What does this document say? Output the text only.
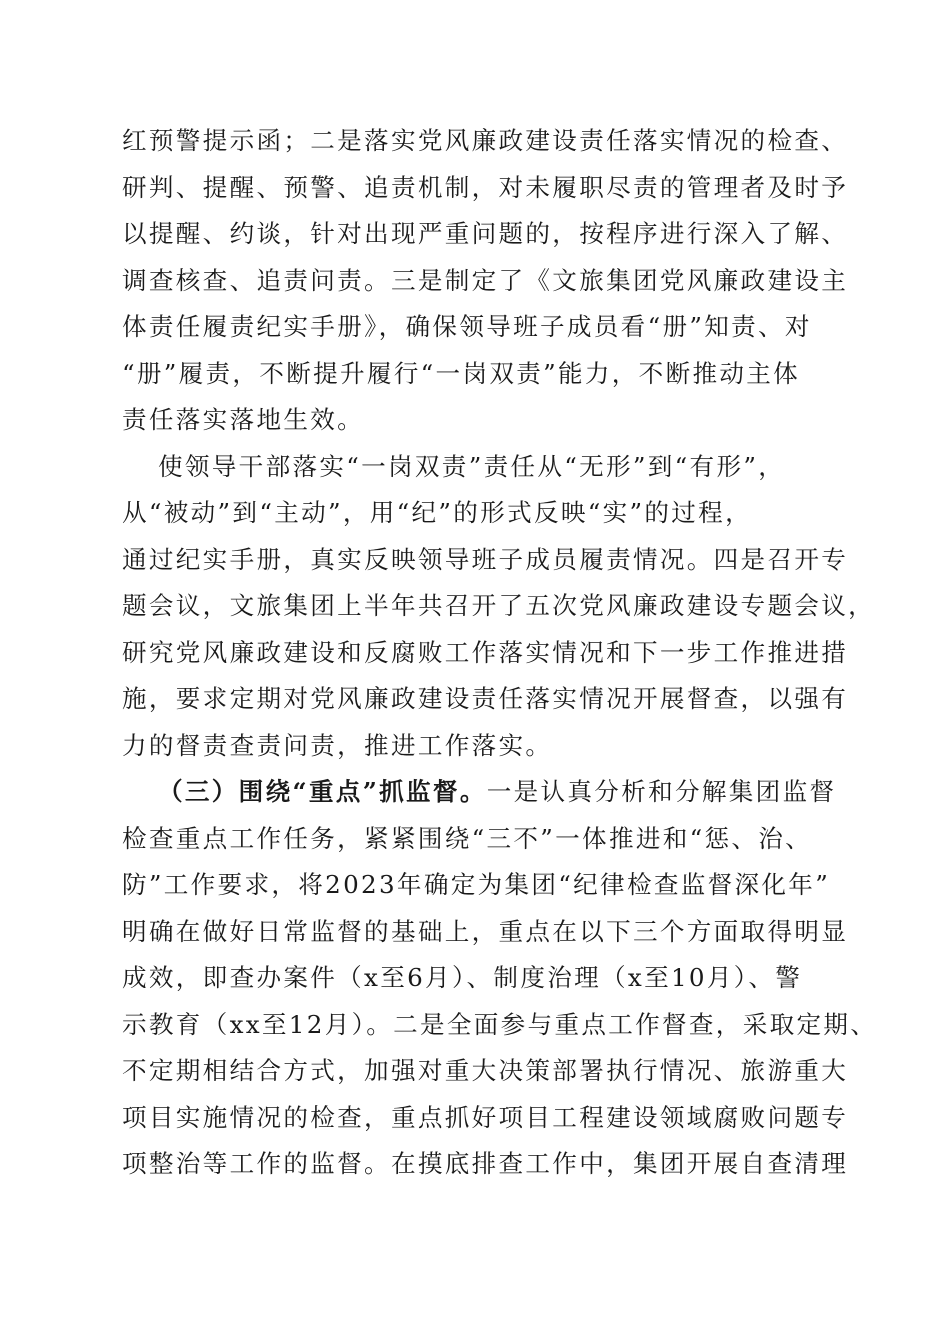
红预警提示函；二是落实党风廉政建设责任落实情况的检查、
研判、提醒、预警、追责机制，对未履职尽责的管理者及时予
以提醒、约谈，针对出现严重问题的，按程序进行深入了解、
调查核查、追责问责。三是制定了《文旅集团党风廉政建设主
体责任履责纪实手册》，确保领导班子成员看“册”知责、对
“册”履责，不断提升履行“一岗双责”能力，不断推动主体
责任落实落地生效。
使领导干部落实“一岗双责”责任从“无形”到“有形”，
从“被动”到“主动”，用“纪”的形式反映“实”的过程，
通过纪实手册，真实反映领导班子成员履责情况。四是召开专
题会议，文旅集团上半年共召开了五次党风廉政建设专题会议，
研究党风廉政建设和反腐败工作落实情况和下一步工作推进措
施，要求定期对党风廉政建设责任落实情况开展督查，以强有
力的督责查责问责，推进工作落实。
（三）围绕“重点”抓监督。一是认真分析和分解集团监督
检查重点工作任务，紧紧围绕“三不”一体推进和“惩、治、
防”工作要求，将2023年确定为集团“纪律检查监督深化年”
明确在做好日常监督的基础上，重点在以下三个方面取得明显
成效，即查办案件（x至6月）、制度治理（x至10月）、警
示教育（xx至12月）。二是全面参与重点工作督查，采取定期、
不定期相结合方式，加强对重大决策部署执行情况、旅游重大
项目实施情况的检查，重点抓好项目工程建设领域腐败问题专
项整治等工作的监督。在摸底排查工作中，集团开展自查清理
